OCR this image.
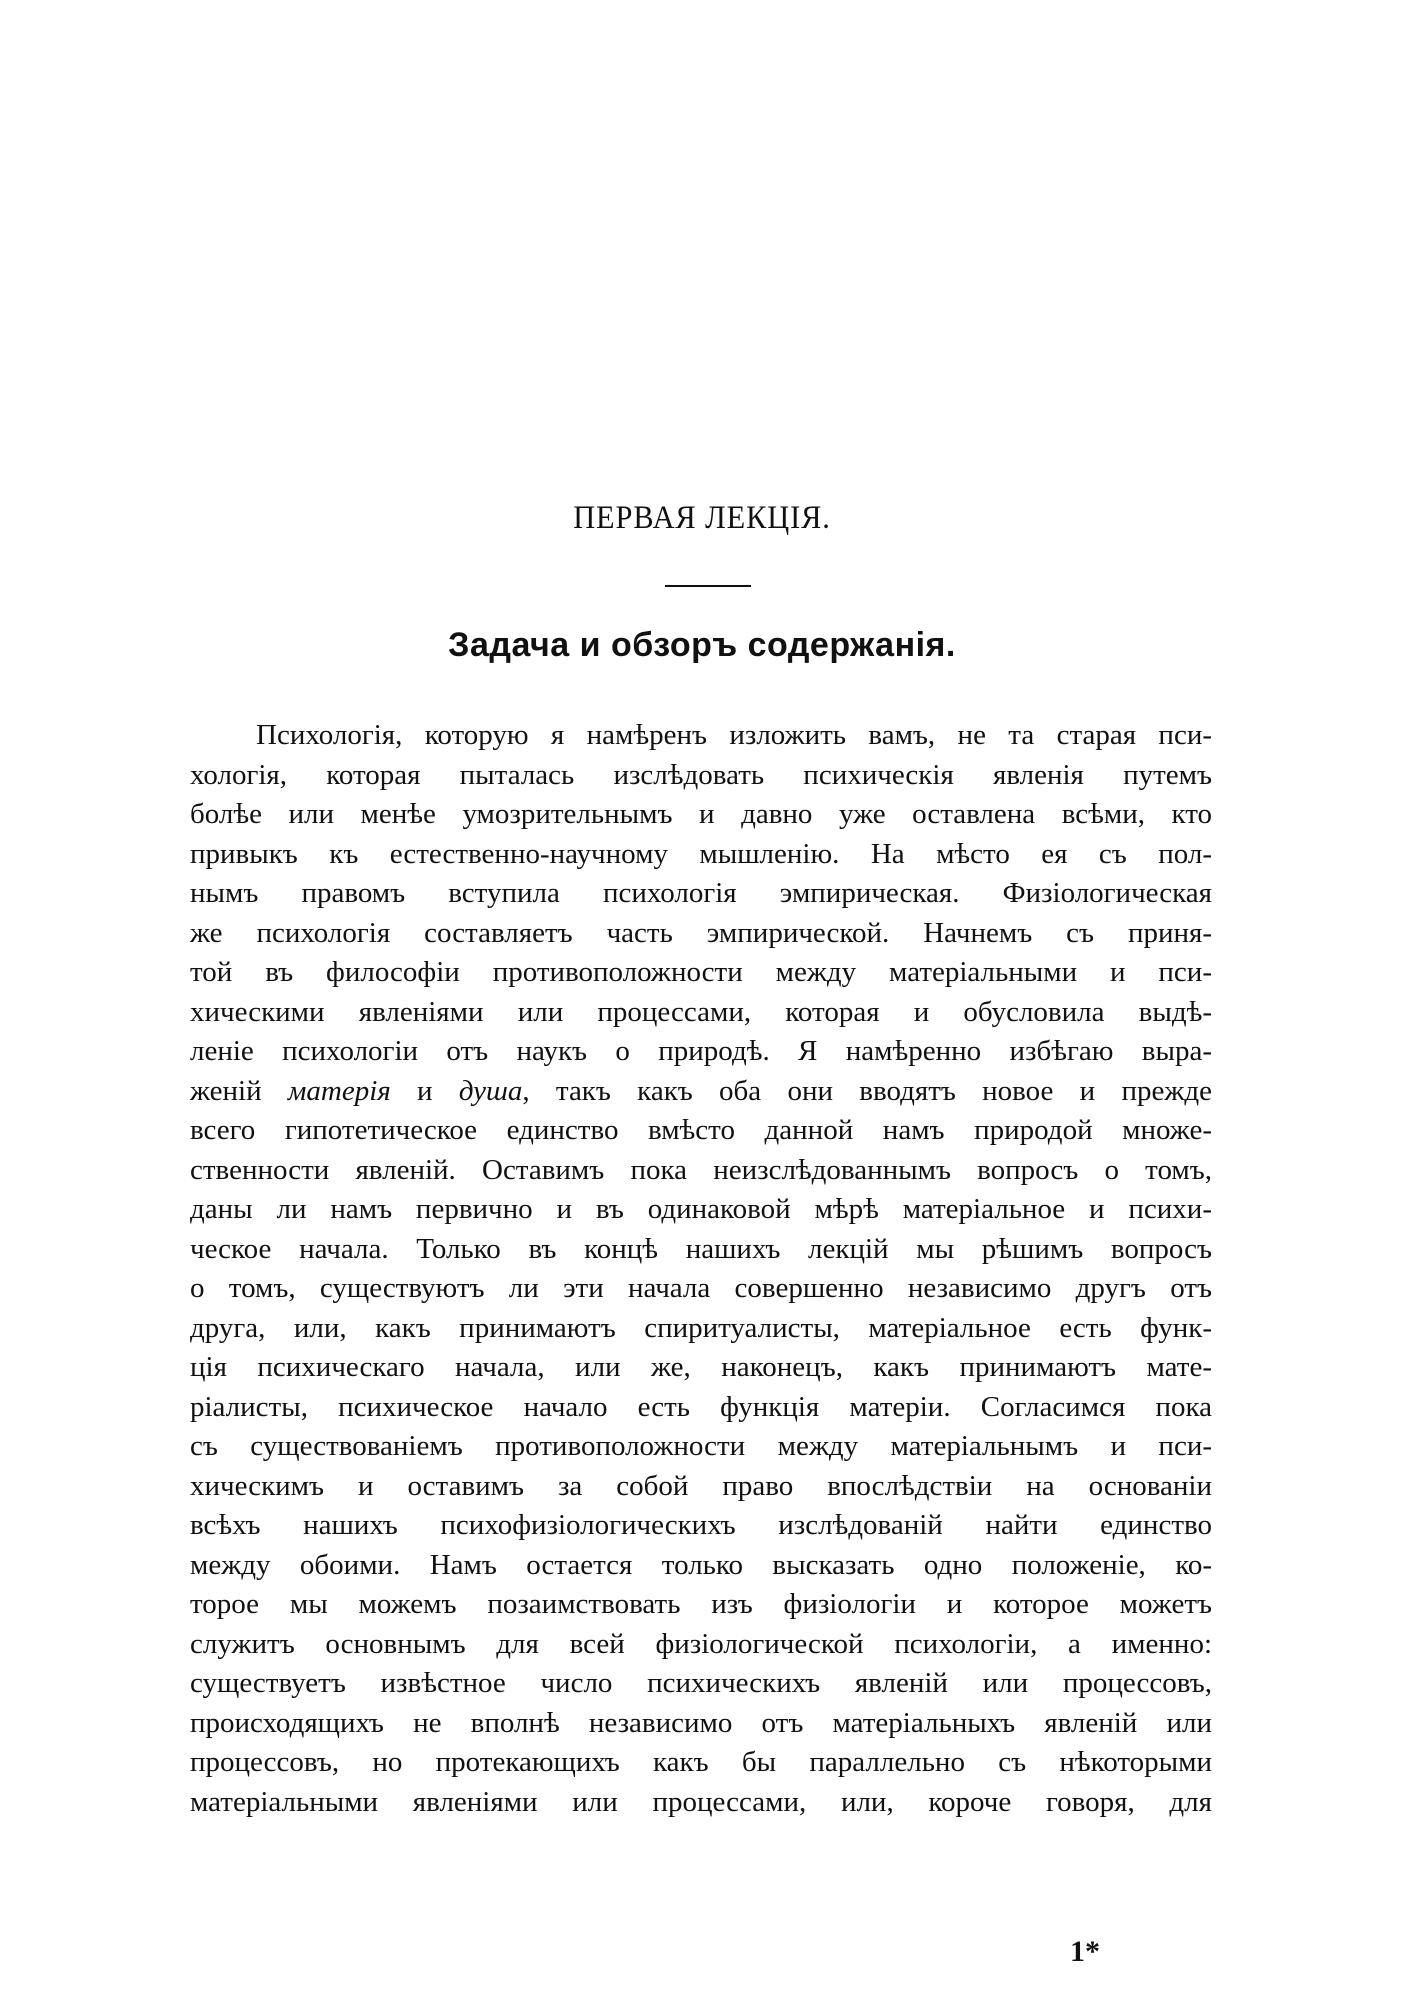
ПЕРВАЯ ЛЕКЦІЯ.
Задача и обзоръ содержанія.
Психологія, которую я намѣренъ изложить вамъ, не та старая пси-
хологія, которая пыталась изслѣдовать психическія явленія путемъ
болѣе или менѣе умозрительнымъ и давно уже оставлена всѣми, кто
привыкъ къ естественно-научному мышленію. На мѣсто ея съ пол-
нымъ правомъ вступила психологія эмпирическая. Физіологическая
же психологія составляетъ часть эмпирической. Начнемъ съ приня-
той въ философіи противоположности между матеріальными и пси-
хическими явленіями или процессами, которая и обусловила выдѣ-
леніе психологіи отъ наукъ о природѣ. Я намѣренно избѣгаю выра-
женій матерія и душа, такъ какъ оба они вводятъ новое и прежде
всего гипотетическое единство вмѣсто данной намъ природой множе-
ственности явленій. Оставимъ пока неизслѣдованнымъ вопросъ о томъ,
даны ли намъ первично и въ одинаковой мѣрѣ матеріальное и психи-
ческое начала. Только въ концѣ нашихъ лекцій мы рѣшимъ вопросъ
о томъ, существуютъ ли эти начала совершенно независимо другъ отъ
друга, или, какъ принимаютъ спиритуалисты, матеріальное есть функ-
ція психическаго начала, или же, наконецъ, какъ принимаютъ мате-
ріалисты, психическое начало есть функція матеріи. Согласимся пока
съ существованіемъ противоположности между матеріальнымъ и пси-
хическимъ и оставимъ за собой право впослѣдствіи на основаніи
всѣхъ нашихъ психофизіологическихъ изслѣдованій найти единство
между обоими. Намъ остается только высказать одно положеніе, ко-
торое мы можемъ позаимствовать изъ физіологіи и которое можетъ
служитъ основнымъ для всей физіологической психологіи, а именно:
существуетъ извѣстное число психическихъ явленій или процессовъ,
происходящихъ не вполнѣ независимо отъ матеріальныхъ явленій или
процессовъ, но протекающихъ какъ бы параллельно съ нѣкоторыми
матеріальными явленіями или процессами, или, короче говоря, для
1*
